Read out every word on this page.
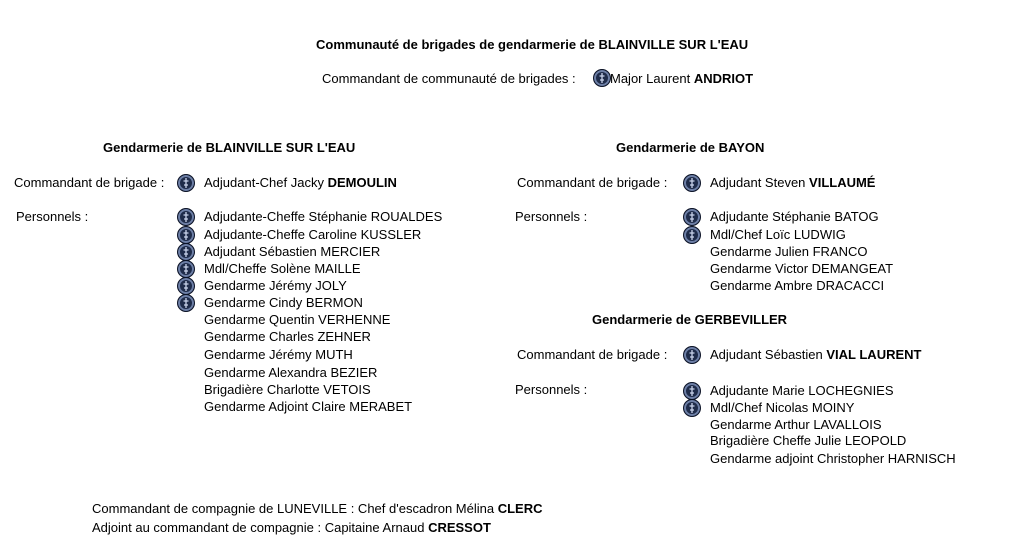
Communauté de brigades de gendarmerie de BLAINVILLE SUR L'EAU
Commandant de communauté de brigades :	Major Laurent ANDRIOT
Gendarmerie de BLAINVILLE SUR L'EAU
Commandant de brigade :	Adjudant-Chef Jacky DEMOULIN
Personnels :	Adjudante-Cheffe Stéphanie ROUALDES
Adjudante-Cheffe Caroline KUSSLER
Adjudant Sébastien MERCIER
Mdl/Cheffe Solène MAILLE
Gendarme Jérémy JOLY
Gendarme Cindy BERMON
Gendarme Quentin VERHENNE
Gendarme Charles ZEHNER
Gendarme Jérémy MUTH
Gendarme Alexandra BEZIER
Brigadière Charlotte VETOIS
Gendarme Adjoint Claire MERABET
Gendarmerie de BAYON
Commandant de brigade :	Adjudant Steven VILLAUMÉ
Personnels :	Adjudante Stéphanie BATOG
Mdl/Chef Loïc LUDWIG
Gendarme Julien FRANCO
Gendarme Victor DEMANGEAT
Gendarme Ambre DRACACCI
Gendarmerie de GERBEVILLER
Commandant de brigade :	Adjudant Sébastien VIAL LAURENT
Personnels :	Adjudante Marie LOCHEGNIES
Mdl/Chef Nicolas MOINY
Gendarme Arthur LAVALLOIS
Brigadière Cheffe Julie LEOPOLD
Gendarme adjoint Christopher HARNISCH
Commandant de compagnie de LUNEVILLE : Chef d'escadron Mélina CLERC
Adjoint au commandant de compagnie : Capitaine Arnaud CRESSOT
